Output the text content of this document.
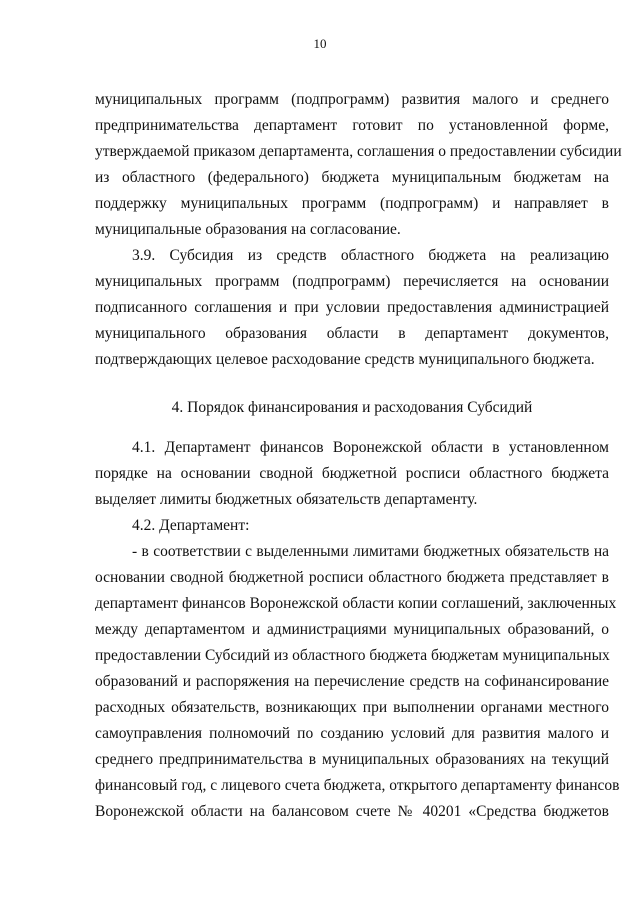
10
муниципальных программ (подпрограмм) развития малого и среднего
предпринимательства департамент готовит по установленной форме,
утверждаемой приказом департамента, соглашения о предоставлении субсидии
из областного (федерального) бюджета муниципальным бюджетам на
поддержку муниципальных программ (подпрограмм) и направляет в
муниципальные образования на согласование.
3.9. Субсидия из средств областного бюджета на реализацию
муниципальных программ (подпрограмм) перечисляется на основании
подписанного соглашения и при условии предоставления администрацией
муниципального образования области в департамент документов,
подтверждающих целевое расходование средств муниципального бюджета.
4. Порядок финансирования и расходования Субсидий
4.1. Департамент финансов Воронежской области в установленном
порядке на основании сводной бюджетной росписи областного бюджета
выделяет лимиты бюджетных обязательств департаменту.
4.2. Департамент:
- в соответствии с выделенными лимитами бюджетных обязательств на
основании сводной бюджетной росписи областного бюджета представляет в
департамент финансов Воронежской области копии соглашений, заключенных
между департаментом и администрациями муниципальных образований, о
предоставлении Субсидий из областного бюджета бюджетам муниципальных
образований и распоряжения на перечисление средств на софинансирование
расходных обязательств, возникающих при выполнении органами местного
самоуправления полномочий по созданию условий для развития малого и
среднего предпринимательства в муниципальных образованиях на текущий
финансовый год, с лицевого счета бюджета, открытого департаменту финансов
Воронежской области на балансовом счете № 40201 «Средства бюджетов
